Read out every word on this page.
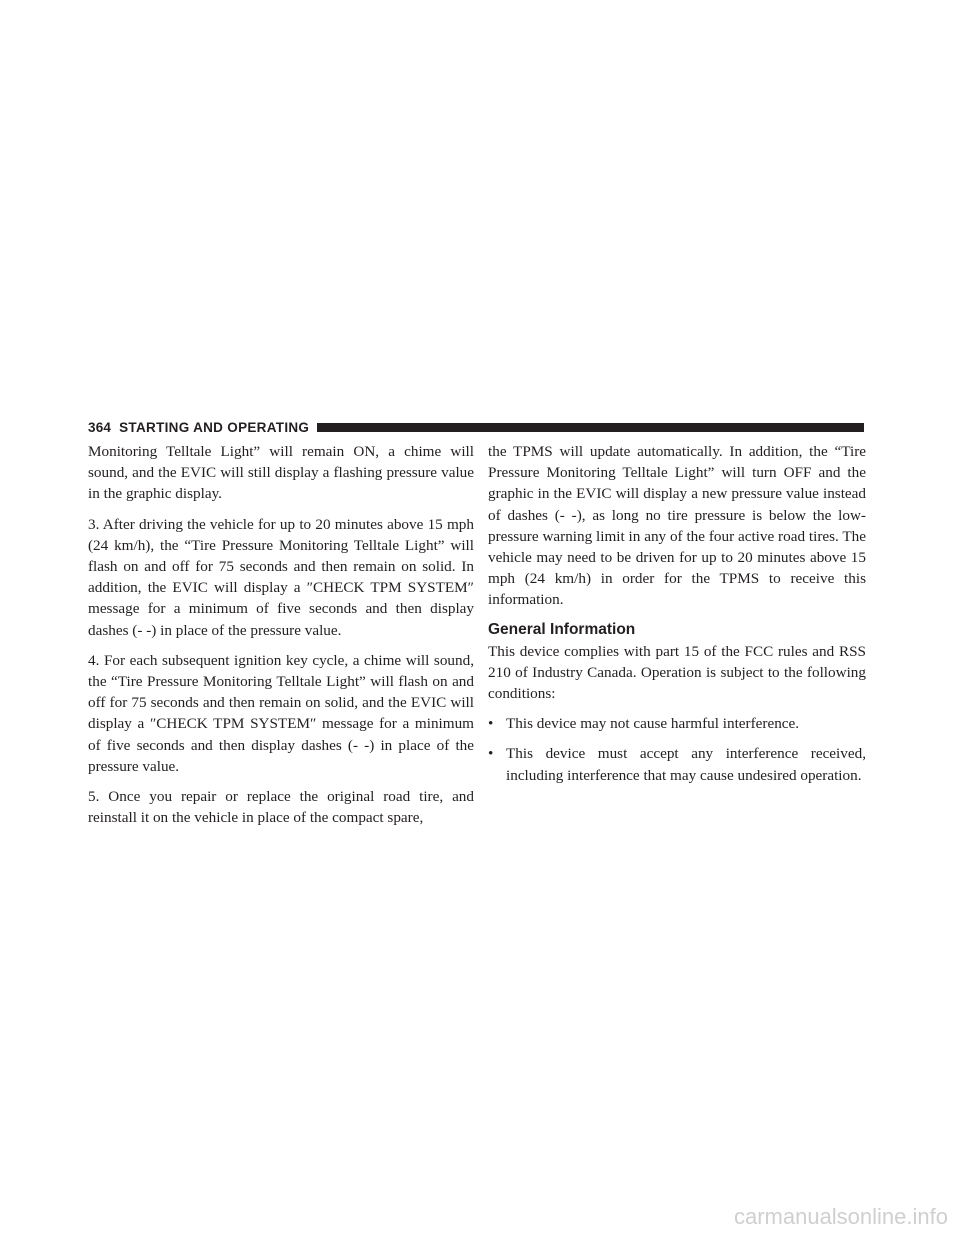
364 STARTING AND OPERATING

Monitoring Telltale Light” will remain ON, a chime will sound, and the EVIC will still display a flashing pressure value in the graphic display.

3. After driving the vehicle for up to 20 minutes above 15 mph (24 km/h), the “Tire Pressure Monitoring Telltale Light” will flash on and off for 75 seconds and then remain on solid. In addition, the EVIC will display a ″CHECK TPM SYSTEM″ message for a minimum of five seconds and then display dashes (- -) in place of the pressure value.

4. For each subsequent ignition key cycle, a chime will sound, the “Tire Pressure Monitoring Telltale Light” will flash on and off for 75 seconds and then remain on solid, and the EVIC will display a ″CHECK TPM SYSTEM″ message for a minimum of five seconds and then display dashes (- -) in place of the pressure value.

5. Once you repair or replace the original road tire, and reinstall it on the vehicle in place of the compact spare,

the TPMS will update automatically. In addition, the “Tire Pressure Monitoring Telltale Light” will turn OFF and the graphic in the EVIC will display a new pressure value instead of dashes (- -), as long no tire pressure is below the low-pressure warning limit in any of the four active road tires. The vehicle may need to be driven for up to 20 minutes above 15 mph (24 km/h) in order for the TPMS to receive this information.

General Information

This device complies with part 15 of the FCC rules and RSS 210 of Industry Canada. Operation is subject to the following conditions:

• This device may not cause harmful interference.
• This device must accept any interference received, including interference that may cause undesired operation.
carmanualsonline.info
